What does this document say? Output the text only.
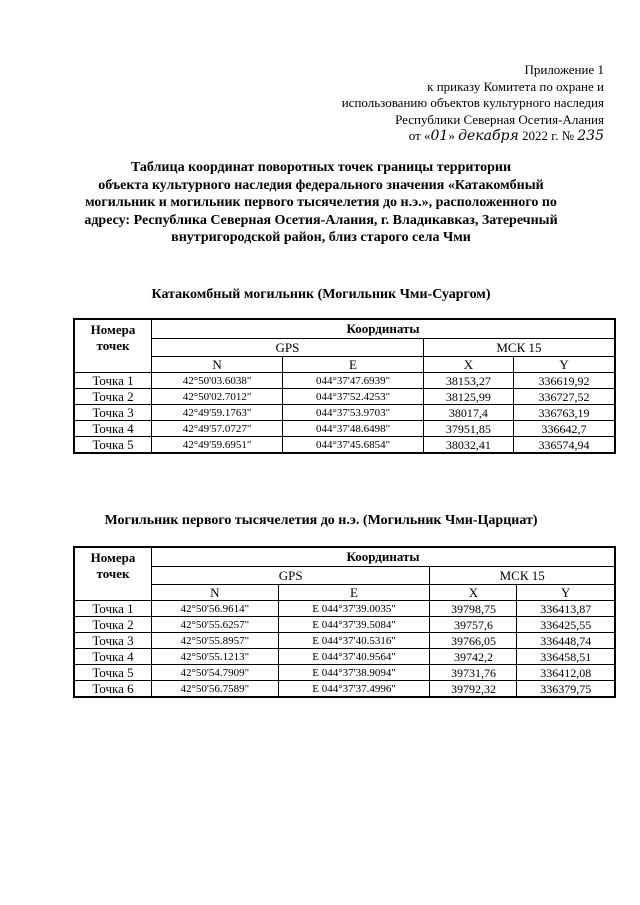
Приложение 1
к приказу Комитета по охране и
использованию объектов культурного наследия
Республики Северная Осетия-Алания
от «01» декабря 2022 г. № 235
Таблица координат поворотных точек границы территории
объекта культурного наследия федерального значения «Катакомбный
могильник и могильник первого тысячелетия до н.э.», расположенного по
адресу: Республика Северная Осетия-Алания, г. Владикавказ, Затеречный
внутригородской район, близ старого села Чми
Катакомбный могильник (Могильник Чми-Суаргом)
Номера точек	Координаты			
	GPS		МСК 15	
	N	E	X	Y
Точка 1	42°50'03.6038"	044°37'47.6939"	38153,27	336619,92
Точка 2	42°50'02.7012"	044°37'52.4253"	38125,99	336727,52
Точка 3	42°49'59.1763"	044°37'53.9703"	38017,4	336763,19
Точка 4	42°49'57.0727"	044°37'48.6498"	37951,85	336642,7
Точка 5	42°49'59.6951"	044°37'45.6854"	38032,41	336574,94
Могильник первого тысячелетия до н.э. (Могильник Чми-Царциат)
Номера точек	Координаты			
	GPS		МСК 15	
	N	E	X	Y
Точка 1	42°50'56.9614"	E 044°37'39.0035"	39798,75	336413,87
Точка 2	42°50'55.6257"	E 044°37'39.5084"	39757,6	336425,55
Точка 3	42°50'55.8957"	E 044°37'40.5316"	39766,05	336448,74
Точка 4	42°50'55.1213"	E 044°37'40.9564"	39742,2	336458,51
Точка 5	42°50'54.7909"	E 044°37'38.9094"	39731,76	336412,08
Точка 6	42°50'56.7589"	E 044°37'37.4996"	39792,32	336379,75
